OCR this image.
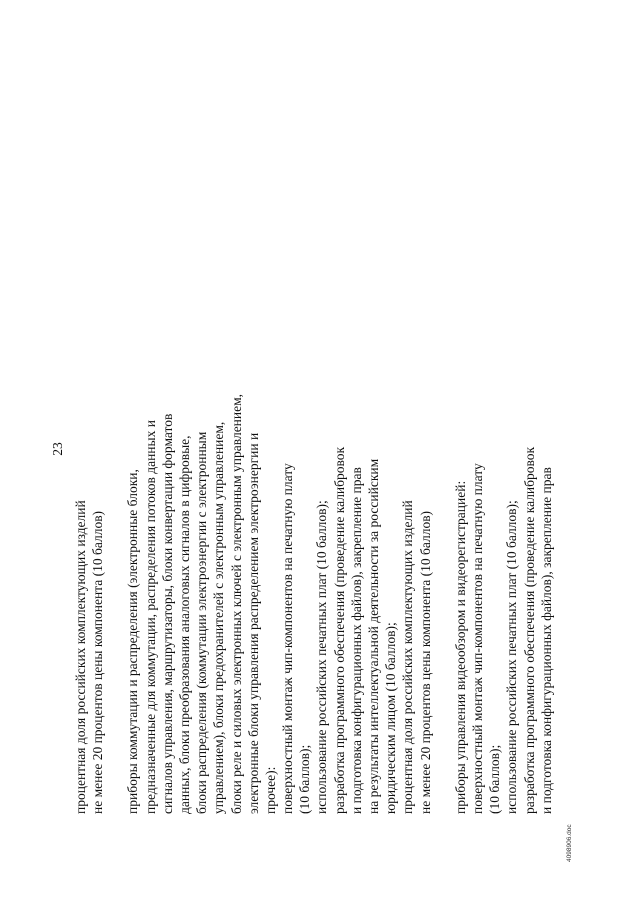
23
процентная доля российских комплектующих изделий не менее 20 процентов цены компонента (10 баллов) приборы коммутации и распределения (электронные блоки, предназначенные для коммутации, распределения потоков данных и сигналов управления, маршрутизаторы, блоки конвертации форматов данных, блоки преобразования аналоговых сигналов в цифровые, блоки распределения (коммутации электроэнергии с электронным управлением), блоки предохранителей с электронным управлением, блоки реле и силовых электронных ключей с электронным управлением, электронные блоки управления распределением электроэнергии и прочее): поверхностный монтаж чип-компонентов на печатную плату (10 баллов); использование российских печатных плат (10 баллов); разработка программного обеспечения (проведение калибровок и подготовка конфигурационных файлов), закрепление прав на результаты интеллектуальной деятельности за российским юридическим лицом (10 баллов); процентная доля российских комплектующих изделий не менее 20 процентов цены компонента (10 баллов) приборы управления видеообзором и видеорегистрацией: поверхностный монтаж чип-компонентов на печатную плату (10 баллов); использование российских печатных плат (10 баллов); разработка программного обеспечения (проведение калибровок и подготовка конфигурационных файлов), закрепление прав
4098906.doc
